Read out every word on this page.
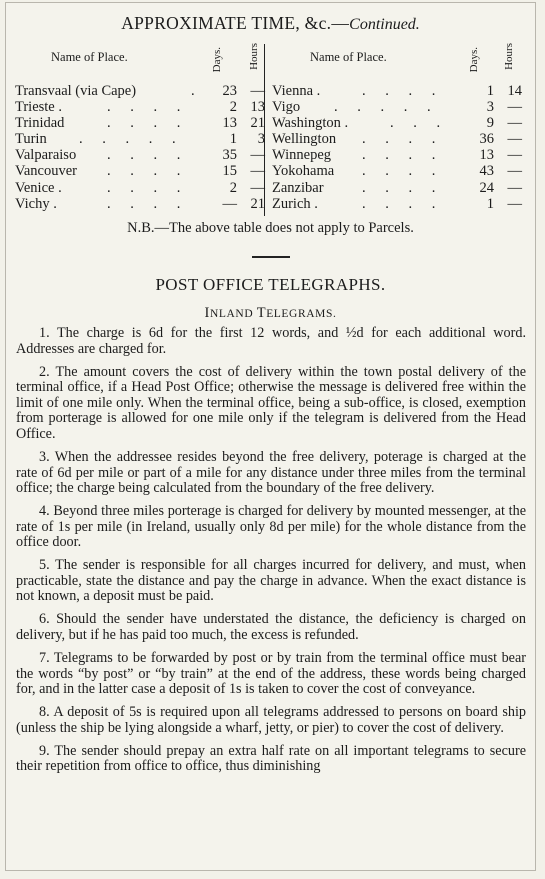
APPROXIMATE TIME, &c.—Continued.
Name of Place.	Days. Hours	Name of Place.	Days. Hours
Transvaal (via Cape)	.	23 —
Trieste .	. . . .	2 13
Trinidad	. . . .	13 21
Turin . . . . .	1	3
Valparaiso . . . .	35 —
Vancouver . . . .	15 —
Venice .	. . . .	2 —
Vichy .	. . . .	— 21
Vienna .	. . . .	1 14
Vigo . . . . .	3 —
Washington .	. . .	9 —
Wellington . . . .	36 —
Winnepeg . . . .	13 —
Yokohama . . . .	43 —
Zanzibar	. . . .	24 —
Zurich .	. . . .	1 —
N.B.—The above table does not apply to Parcels.
POST OFFICE TELEGRAPHS.
INLAND TELEGRAMS.

1. The charge is 6d for the first 12 words, and ½d for each additional word. Addresses are charged for.

2. The amount covers the cost of delivery within the town postal delivery of the terminal office, if a Head Post Office; otherwise the message is delivered free within the limit of one mile only. When the terminal office, being a sub-office, is closed, exemption from porterage is allowed for one mile only if the telegram is delivered from the Head Office.

3. When the addressee resides beyond the free delivery, poterage is charged at the rate of 6d per mile or part of a mile for any distance under three miles from the terminal office; the charge being calculated from the boundary of the free delivery.

4. Beyond three miles porterage is charged for delivery by mounted messenger, at the rate of 1s per mile (in Ireland, usually only 8d per mile) for the whole distance from the office door.

5. The sender is responsible for all charges incurred for delivery, and must, when practicable, state the distance and pay the charge in advance. When the exact distance is not known, a deposit must be paid.

6. Should the sender have understated the distance, the deficiency is charged on delivery, but if he has paid too much, the excess is refunded.

7. Telegrams to be forwarded by post or by train from the terminal office must bear the words “by post” or “by train” at the end of the address, these words being charged for, and in the latter case a deposit of 1s is taken to cover the cost of conveyance.

8. A deposit of 5s is required upon all telegrams addressed to persons on board ship (unless the ship be lying alongside a wharf, jetty, or pier) to cover the cost of delivery.

9. The sender should prepay an extra half rate on all important telegrams to secure their repetition from office to office, thus diminishing
